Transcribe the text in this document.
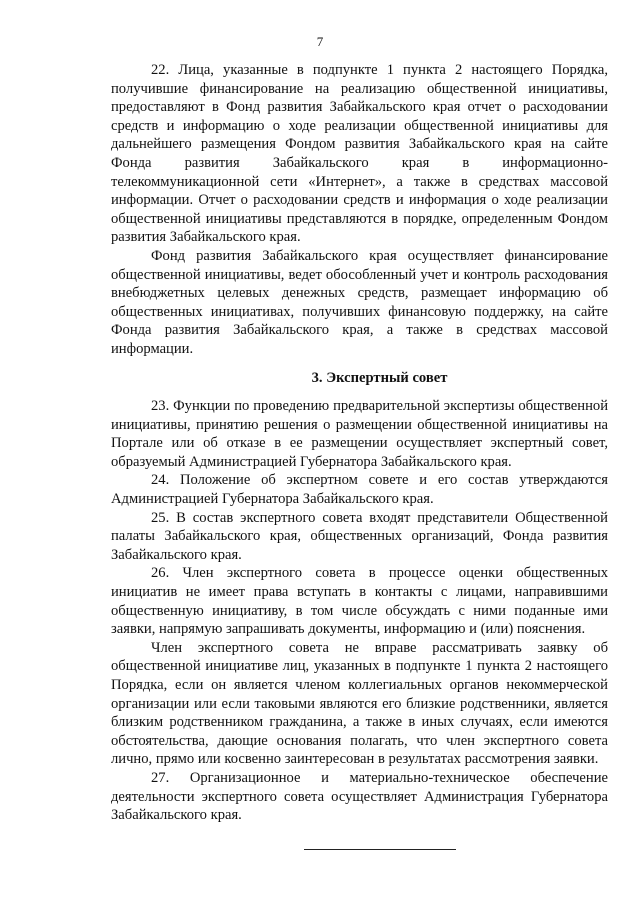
7

22. Лица, указанные в подпункте 1 пункта 2 настоящего Порядка, получившие финансирование на реализацию общественной инициативы, предоставляют в Фонд развития Забайкальского края отчет о расходовании средств и информацию о ходе реализации общественной инициативы для дальнейшего размещения Фондом развития Забайкальского края на сайте Фонда развития Забайкальского края в информационно-телекоммуникационной сети «Интернет», а также в средствах массовой информации. Отчет о расходовании средств и информация о ходе реализации общественной инициативы представляются в порядке, определенным Фондом развития Забайкальского края.

Фонд развития Забайкальского края осуществляет финансирование общественной инициативы, ведет обособленный учет и контроль расходования внебюджетных целевых денежных средств, размещает информацию об общественных инициативах, получивших финансовую поддержку, на сайте Фонда развития Забайкальского края, а также в средствах массовой информации.

3. Экспертный совет

23. Функции по проведению предварительной экспертизы общественной инициативы, принятию решения о размещении общественной инициативы на Портале или об отказе в ее размещении осуществляет экспертный совет, образуемый Администрацией Губернатора Забайкальского края.

24. Положение об экспертном совете и его состав утверждаются Администрацией Губернатора Забайкальского края.

25. В состав экспертного совета входят представители Общественной палаты Забайкальского края, общественных организаций, Фонда развития Забайкальского края.

26. Член экспертного совета в процессе оценки общественных инициатив не имеет права вступать в контакты с лицами, направившими общественную инициативу, в том числе обсуждать с ними поданные ими заявки, напрямую запрашивать документы, информацию и (или) пояснения.

Член экспертного совета не вправе рассматривать заявку об общественной инициативе лиц, указанных в подпункте 1 пункта 2 настоящего Порядка, если он является членом коллегиальных органов некоммерческой организации или если таковыми являются его близкие родственники, является близким родственником гражданина, а также в иных случаях, если имеются обстоятельства, дающие основания полагать, что член экспертного совета лично, прямо или косвенно заинтересован в результатах рассмотрения заявки.

27. Организационное и материально-техническое обеспечение деятельности экспертного совета осуществляет Администрация Губернатора Забайкальского края.
